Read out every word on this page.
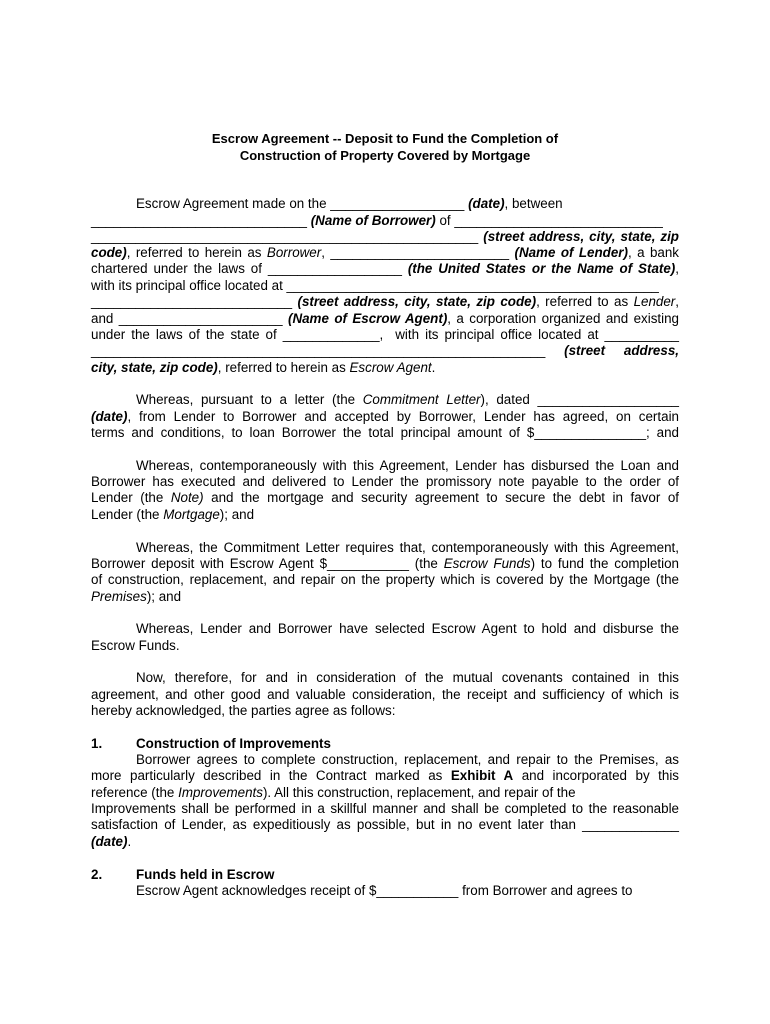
Escrow Agreement -- Deposit to Fund the Completion of
Construction of Property Covered by Mortgage
Escrow Agreement made on the __________________ (date), between
_____________________________ (Name of Borrower) of ____________________________
____________________________________________________ (street address, city, state, zip
code), referred to herein as Borrower, ________________________ (Name of Lender), a bank
chartered under the laws of __________________ (the United States or the Name of State),
with its principal office located at __________________________________________________
___________________________ (street address, city, state, zip code), referred to as Lender,
and ______________________ (Name of Escrow Agent), a corporation organized and existing
under the laws of the state of _____________,  with its principal office located at __________
_____________________________________________________________ (street address,
city, state, zip code), referred to herein as Escrow Agent.
Whereas, pursuant to a letter (the Commitment Letter), dated ___________________
(date), from Lender to Borrower and accepted by Borrower, Lender has agreed, on certain
terms and conditions, to loan Borrower the total principal amount of $_______________; and
Whereas, contemporaneously with this Agreement, Lender has disbursed the Loan and
Borrower has executed and delivered to Lender the promissory note payable to the order of
Lender (the Note) and the mortgage and security agreement to secure the debt in favor of
Lender (the Mortgage); and
Whereas, the Commitment Letter requires that, contemporaneously with this Agreement,
Borrower deposit with Escrow Agent $___________ (the Escrow Funds) to fund the completion
of construction, replacement, and repair on the property which is covered by the Mortgage (the
Premises); and
Whereas, Lender and Borrower have selected Escrow Agent to hold and disburse the
Escrow Funds.
Now, therefore, for and in consideration of the mutual covenants contained in this
agreement, and other good and valuable consideration, the receipt and sufficiency of which is
hereby acknowledged, the parties agree as follows:
1.	Construction of Improvements
Borrower agrees to complete construction, replacement, and repair to the Premises, as
more particularly described in the Contract marked as Exhibit A and incorporated by this
reference (the Improvements). All this construction, replacement, and repair of the
Improvements shall be performed in a skillful manner and shall be completed to the reasonable
satisfaction of Lender, as expeditiously as possible, but in no event later than _____________
(date).
2.	Funds held in Escrow
Escrow Agent acknowledges receipt of $___________ from Borrower and agrees to
